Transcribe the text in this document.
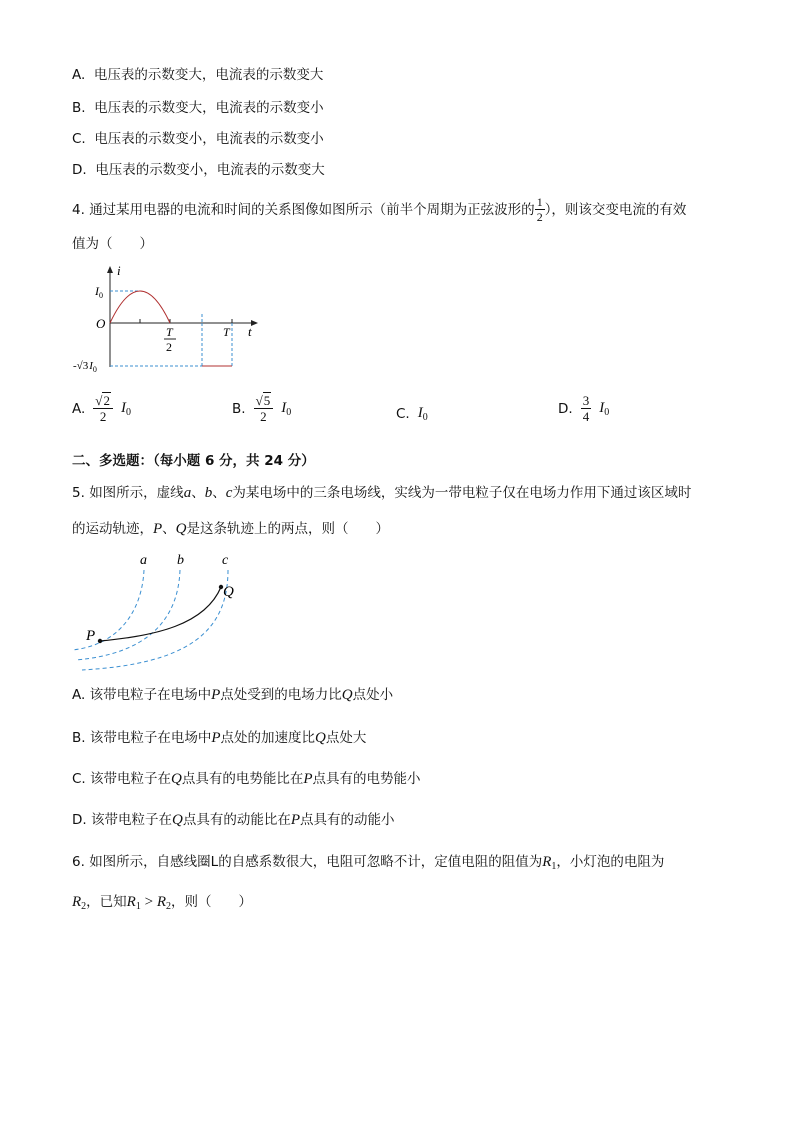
A. 电压表的示数变大，电流表的示数变大
B. 电压表的示数变大，电流表的示数变小
C. 电压表的示数变小，电流表的示数变小
D. 电压表的示数变小，电流表的示数变大
4.
通过某用电器的电流和时间的关系图像如图所示（前半个周期为正弦波形的 $\frac{1}{2}$ ），则该交变电流的有效
值为（　　）
i
t
O
$I_0$
$-√3I_0$
T
2
T
A. $\frac{√2}{2} I_0$	B. $\frac{√5}{2} I_0$	C. $I_0$
D. $\frac{3}{4} I_0$
二、多选题：（每小题 6 分，共 24 分）
5. 如图所示，虚线a、b、c为某电场中的三条电场线，实线为一带电粒子仅在电场力作用下通过该区域时
的运动轨迹，P、Q是这条轨迹上的两点，则（　　）
a b	c
P
Q
A. 该带电粒子在电场中P点处受到的电场力比Q点处小
B. 该带电粒子在电场中P点处的加速度比Q点处大
C. 该带电粒子在Q点具有的电势能比在P点具有的电势能小
D. 该带电粒子在Q点具有的动能比在P点具有的动能小
6. 如图所示，自感线圈L的自感系数很大，电阻可忽略不计，定值电阻的阻值为$R_1$，小灯泡的电阻为
$R_2$，已知$R_1 > R_2$，则（　　）
